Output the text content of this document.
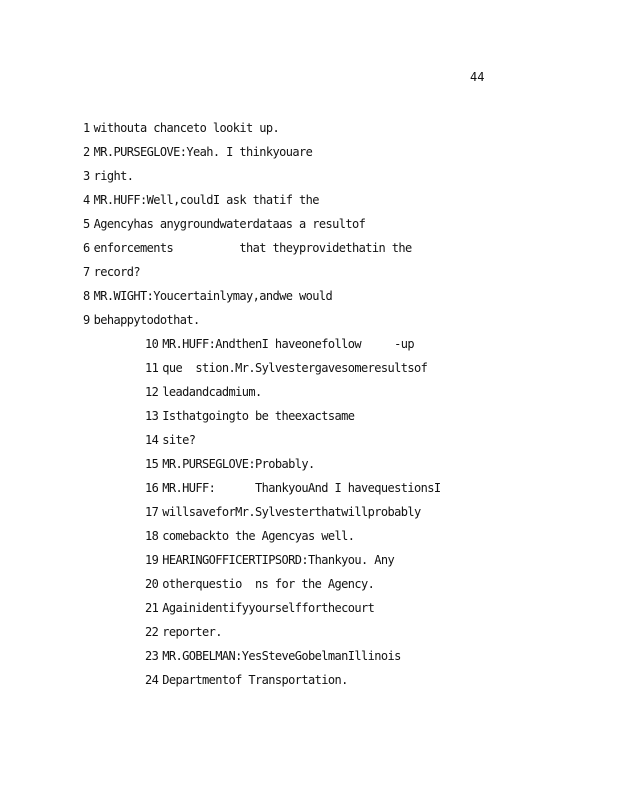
44
1 withouta chanceto lookit up.
2 MR.PURSEGLOVE:Yeah. I thinkyouare
3 right.
4 MR.HUFF:Well,couldI ask thatif the
5 Agencyhas anygroundwaterdataas a resultof
6 enforcements          that theyprovidethatin the
7 record?
8 MR.WIGHT:Youcertainlymay,andwe would
9 behappytodothat.
10 MR.HUFF:AndthenI haveonefollow     -up
11 que  stion.Mr.Sylvestergavesomeresultsof
12 leadandcadmium.
13 Isthatgoingto be theexactsame
14 site?
15 MR.PURSEGLOVE:Probably.
16 MR.HUFF:      ThankyouAnd I havequestionsI
17 willsaveforMr.Sylvesterthatwillprobably
18 comebackto the Agencyas well.
19 HEARINGOFFICERTIPSORD:Thankyou. Any
20 otherquestio  ns for the Agency.
21 Againidentifyyourselfforthecourt
22 reporter.
23 MR.GOBELMAN:YesSteveGobelmanIllinois
24 Departmentof Transportation.
